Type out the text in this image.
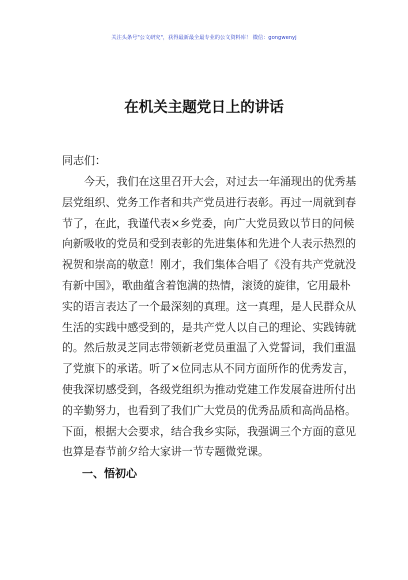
关注头条号"公文研究"，获得最新最全最专业的公文资料库！ 微信：gongwenyj
在机关主题党日上的讲话
同志们：
今天，我们在这里召开大会，对过去一年涌现出的优秀基
层党组织、党务工作者和共产党员进行表彰。再过一周就到春
节了，在此，我谨代表×乡党委，向广大党员致以节日的问候
向新吸收的党员和受到表彰的先进集体和先进个人表示热烈的
祝贺和崇高的敬意！刚才，我们集体合唱了《没有共产党就没
有新中国》，歌曲蕴含着饱满的热情，滚烫的旋律，它用最朴
实的语言表达了一个最深刻的真理。这一真理，是人民群众从
生活的实践中感受到的，是共产党人以自己的理论、实践铸就
的。然后敖灵芝同志带领新老党员重温了入党誓词，我们重温
了党旗下的承诺。听了×位同志从不同方面所作的优秀发言，
使我深切感受到，各级党组织为推动党建工作发展奋进所付出
的辛勤努力，也看到了我们广大党员的优秀品质和高尚品格。
下面，根据大会要求，结合我乡实际，我强调三个方面的意见
也算是春节前夕给大家讲一节专题微党课。
一、悟初心
